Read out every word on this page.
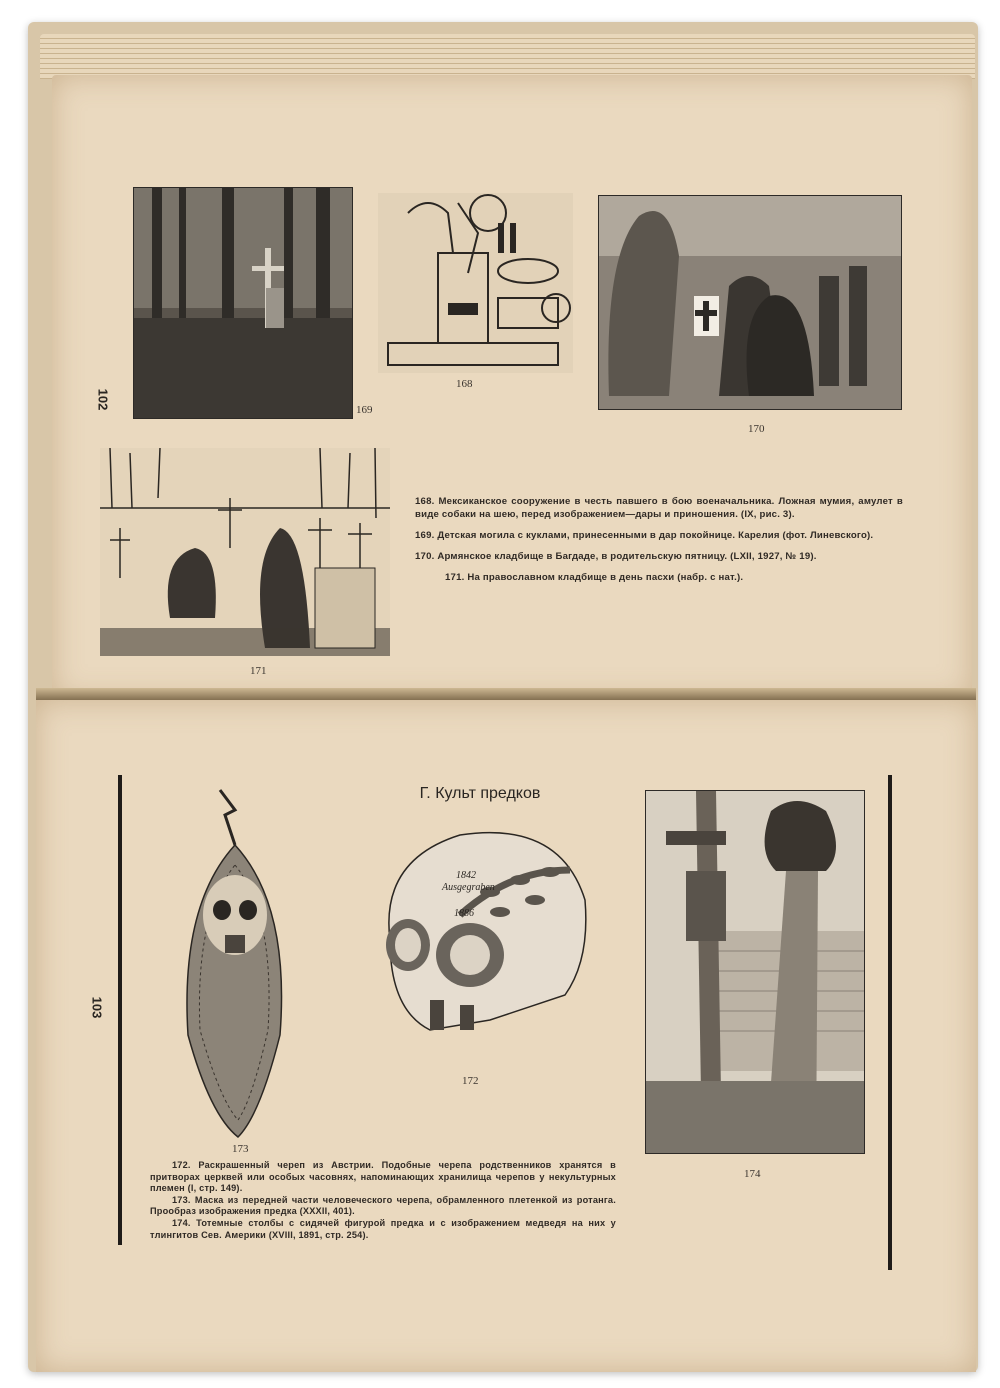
102	169
168
170
171

168. Мексиканское сооружение в честь павшего в бою военачальника. Ложная мумия, амулет в виде собаки на шею, перед изображением—дары и приношения. (IX, рис. 3).

169. Детская могила с куклами, принесенными в дар покойнице. Карелия (фот. Линевского).

170. Армянское кладбище в Багдаде, в родительскую пятницу. (LXII, 1927, № 19).

171. На православном кладбище в день пасхи (набр. с нат.).

103
Г. Культ предков
173
1842
Ausgegraben
1886
172
174

172. Раскрашенный череп из Австрии. Подобные черепа родственников хранятся в притворах церквей или особых часовнях, напоминающих хранилища черепов у некультурных племен (I, стр. 149).

173. Маска из передней части человеческого черепа, обрамленного плетенкой из ротанга. Прообраз изображения предка (XXXII, 401).

174. Тотемные столбы с сидячей фигурой предка и с изображением медведя на них у тлингитов Сев. Америки (XVIII, 1891, стр. 254).
